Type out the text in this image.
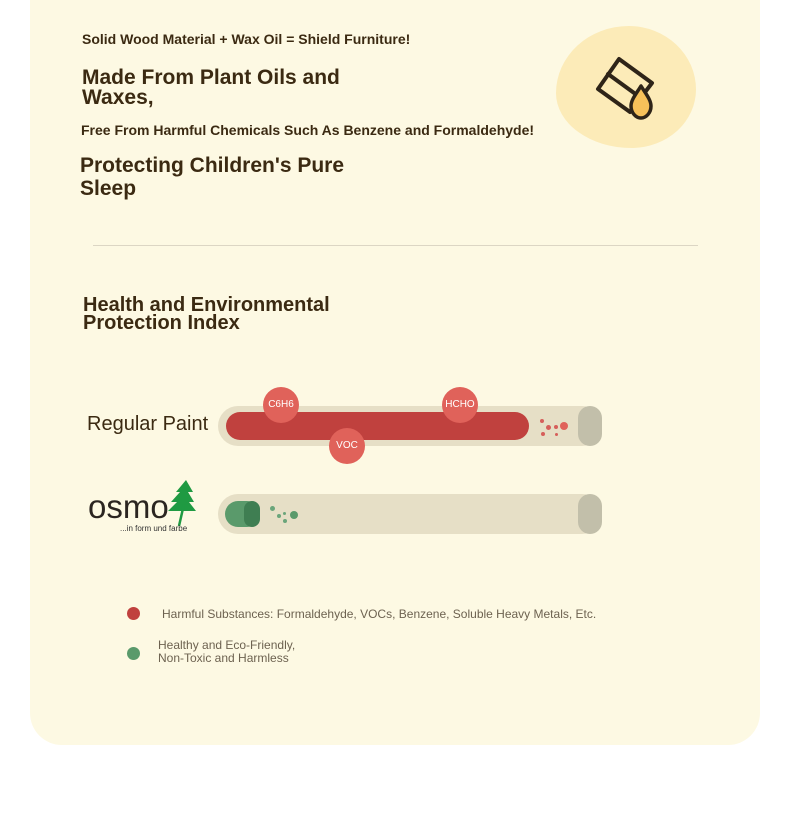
Solid Wood Material + Wax Oil = Shield Furniture!
Made From Plant Oils and
Waxes,
Free From Harmful Chemicals Such As Benzene and Formaldehyde!
Protecting Children's Pure
Sleep
Health and Environmental
Protection Index
Regular Paint
C6H6
VOC
HCHO
osmo
...in form und farbe
Harmful Substances: Formaldehyde, VOCs, Benzene, Soluble Heavy Metals, Etc.
Healthy and Eco-Friendly,
Non-Toxic and Harmless
